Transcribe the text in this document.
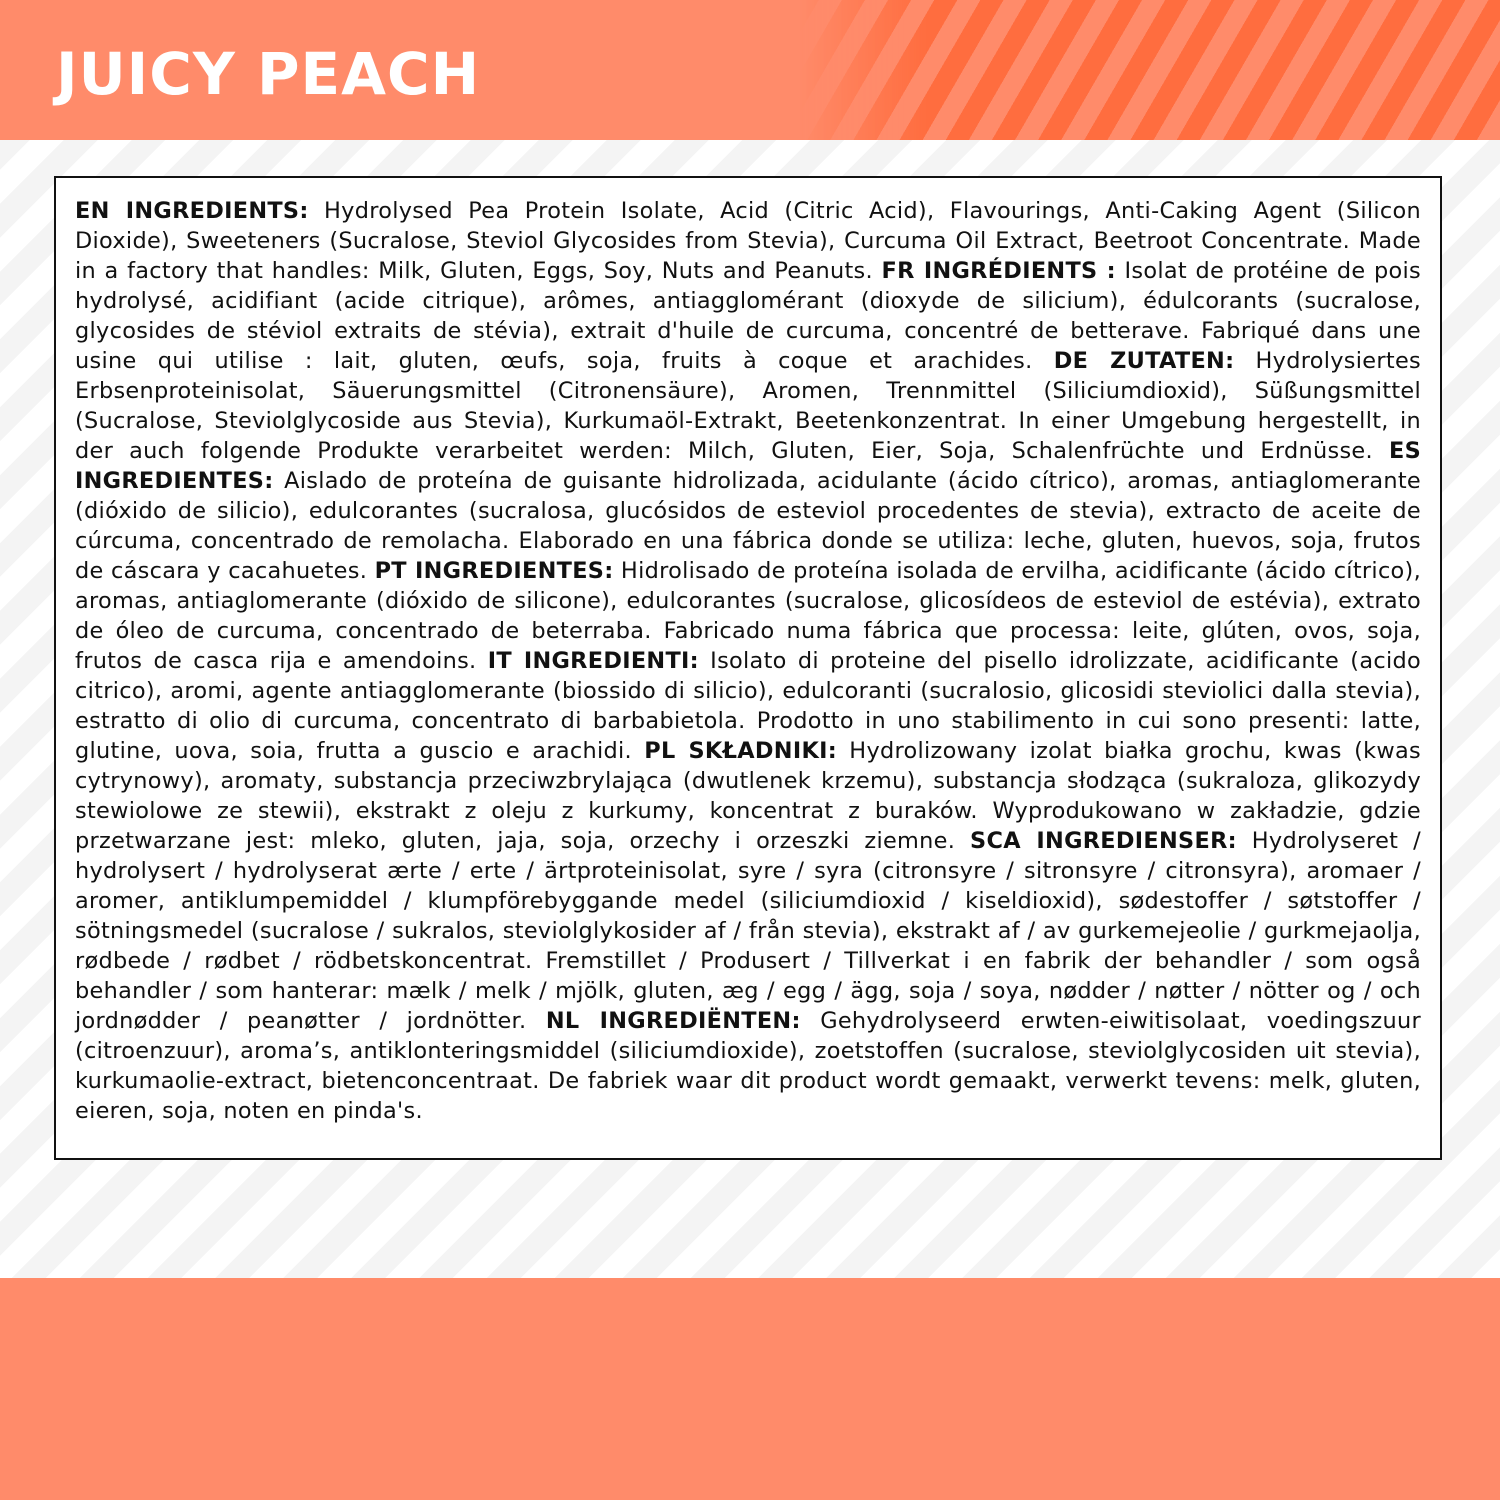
JUICY PEACH

EN INGREDIENTS: Hydrolysed Pea Protein Isolate, Acid (Citric Acid), Flavourings, Anti-Caking Agent (Silicon Dioxide), Sweeteners (Sucralose, Steviol Glycosides from Stevia), Curcuma Oil Extract, Beetroot Concentrate. Made in a factory that handles: Milk, Gluten, Eggs, Soy, Nuts and Peanuts. FR INGRÉDIENTS : Isolat de protéine de pois hydrolysé, acidifiant (acide citrique), arômes, antiagglomérant (dioxyde de silicium), édulcorants (sucralose, glycosides de stéviol extraits de stévia), extrait d'huile de curcuma, concentré de betterave. Fabriqué dans une usine qui utilise : lait, gluten, œufs, soja, fruits à coque et arachides. DE ZUTATEN: Hydrolysiertes Erbsenproteinisolat, Säuerungsmittel (Citronensäure), Aromen, Trennmittel (Siliciumdioxid), Süßungsmittel (Sucralose, Steviolglycoside aus Stevia), Kurkumaöl-Extrakt, Beetenkonzentrat. In einer Umgebung hergestellt, in der auch folgende Produkte verarbeitet werden: Milch, Gluten, Eier, Soja, Schalenfrüchte und Erdnüsse. ES INGREDIENTES: Aislado de proteína de guisante hidrolizada, acidulante (ácido cítrico), aromas, antiaglomerante (dióxido de silicio), edulcorantes (sucralosa, glucósidos de esteviol procedentes de stevia), extracto de aceite de cúrcuma, concentrado de remolacha. Elaborado en una fábrica donde se utiliza: leche, gluten, huevos, soja, frutos de cáscara y cacahuetes. PT INGREDIENTES: Hidrolisado de proteína isolada de ervilha, acidificante (ácido cítrico), aromas, antiaglomerante (dióxido de silicone), edulcorantes (sucralose, glicosídeos de esteviol de estévia), extrato de óleo de curcuma, concentrado de beterraba. Fabricado numa fábrica que processa: leite, glúten, ovos, soja, frutos de casca rija e amendoins. IT INGREDIENTI: Isolato di proteine del pisello idrolizzate, acidificante (acido citrico), aromi, agente antiagglomerante (biossido di silicio), edulcoranti (sucralosio, glicosidi steviolici dalla stevia), estratto di olio di curcuma, concentrato di barbabietola. Prodotto in uno stabilimento in cui sono presenti: latte, glutine, uova, soia, frutta a guscio e arachidi. PL SKŁADNIKI: Hydrolizowany izolat białka grochu, kwas (kwas cytrynowy), aromaty, substancja przeciwzbrylająca (dwutlenek krzemu), substancja słodząca (sukraloza, glikozydy stewiolowe ze stewii), ekstrakt z oleju z kurkumy, koncentrat z buraków. Wyprodukowano w zakładzie, gdzie przetwarzane jest: mleko, gluten, jaja, soja, orzechy i orzeszki ziemne. SCA INGREDIENSER: Hydrolyseret / hydrolysert / hydrolyserat ærte / erte / ärtproteinisolat, syre / syra (citronsyre / sitronsyre / citronsyra), aromaer / aromer, antiklumpemiddel / klumpförebyggande medel (siliciumdioxid / kiseldioxid), sødestoffer / søtstoffer / sötningsmedel (sucralose / sukralos, steviolglykosider af / från stevia), ekstrakt af / av gurkemejeolie / gurkmejaolja, rødbede / rødbet / rödbetskoncentrat. Fremstillet / Produsert / Tillverkat i en fabrik der behandler / som også behandler / som hanterar: mælk / melk / mjölk, gluten, æg / egg / ägg, soja / soya, nødder / nøtter / nötter og / och jordnødder / peanøtter / jordnötter. NL INGREDIËNTEN: Gehydrolyseerd erwten-eiwitisolaat, voedingszuur (citroenzuur), aroma’s, antiklonteringsmiddel (siliciumdioxide), zoetstoffen (sucralose, steviolglycosiden uit stevia), kurkumaolie-extract, bietenconcentraat. De fabriek waar dit product wordt gemaakt, verwerkt tevens: melk, gluten, eieren, soja, noten en pinda's.
